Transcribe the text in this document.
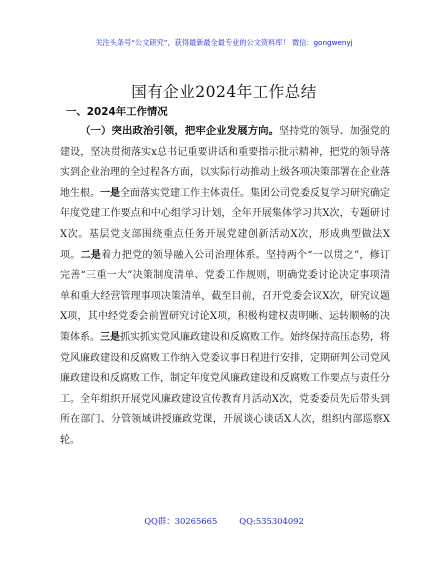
关注头条号“公文研究”，获得最新最全最专业的公文资料库！ 微信：gongwenyj
国有企业2024年工作总结
一、2024年工作情况

（一）突出政治引领，把牢企业发展方向。坚持党的领导、加强党的建设，坚决贯彻落实x总书记重要讲话和重要指示批示精神，把党的领导落实到企业治理的全过程各方面，以实际行动推动上级各项决策部署在企业落地生根。一是全面落实党建工作主体责任。集团公司党委反复学习研究确定年度党建工作要点和中心组学习计划，全年开展集体学习共X次，专题研讨X次。基层党支部围绕重点任务开展党建创新活动X次，形成典型做法X项。二是着力把党的领导融入公司治理体系。坚持两个“一以贯之”，修订完善“三重一大”决策制度清单、党委工作规则，明确党委讨论决定事项清单和重大经营管理事项决策清单，截至目前，召开党委会议X次，研究议题X项，其中经党委会前置研究讨论X项，积极构建权责明晰、运转顺畅的决策体系。三是抓实抓实党风廉政建设和反腐败工作。始终保持高压态势，将党风廉政建设和反腐败工作纳入党委议事日程进行安排，定期研判公司党风廉政建设和反腐败工作，制定年度党风廉政建设和反腐败工作要点与责任分工。全年组织开展党风廉政建设宣传教育月活动X次，党委委员先后带头到所在部门、分管领域讲授廉政党课，开展谈心谈话X人次，组织内部巡察X轮。

QQ群：30265665	QQ:535304092
